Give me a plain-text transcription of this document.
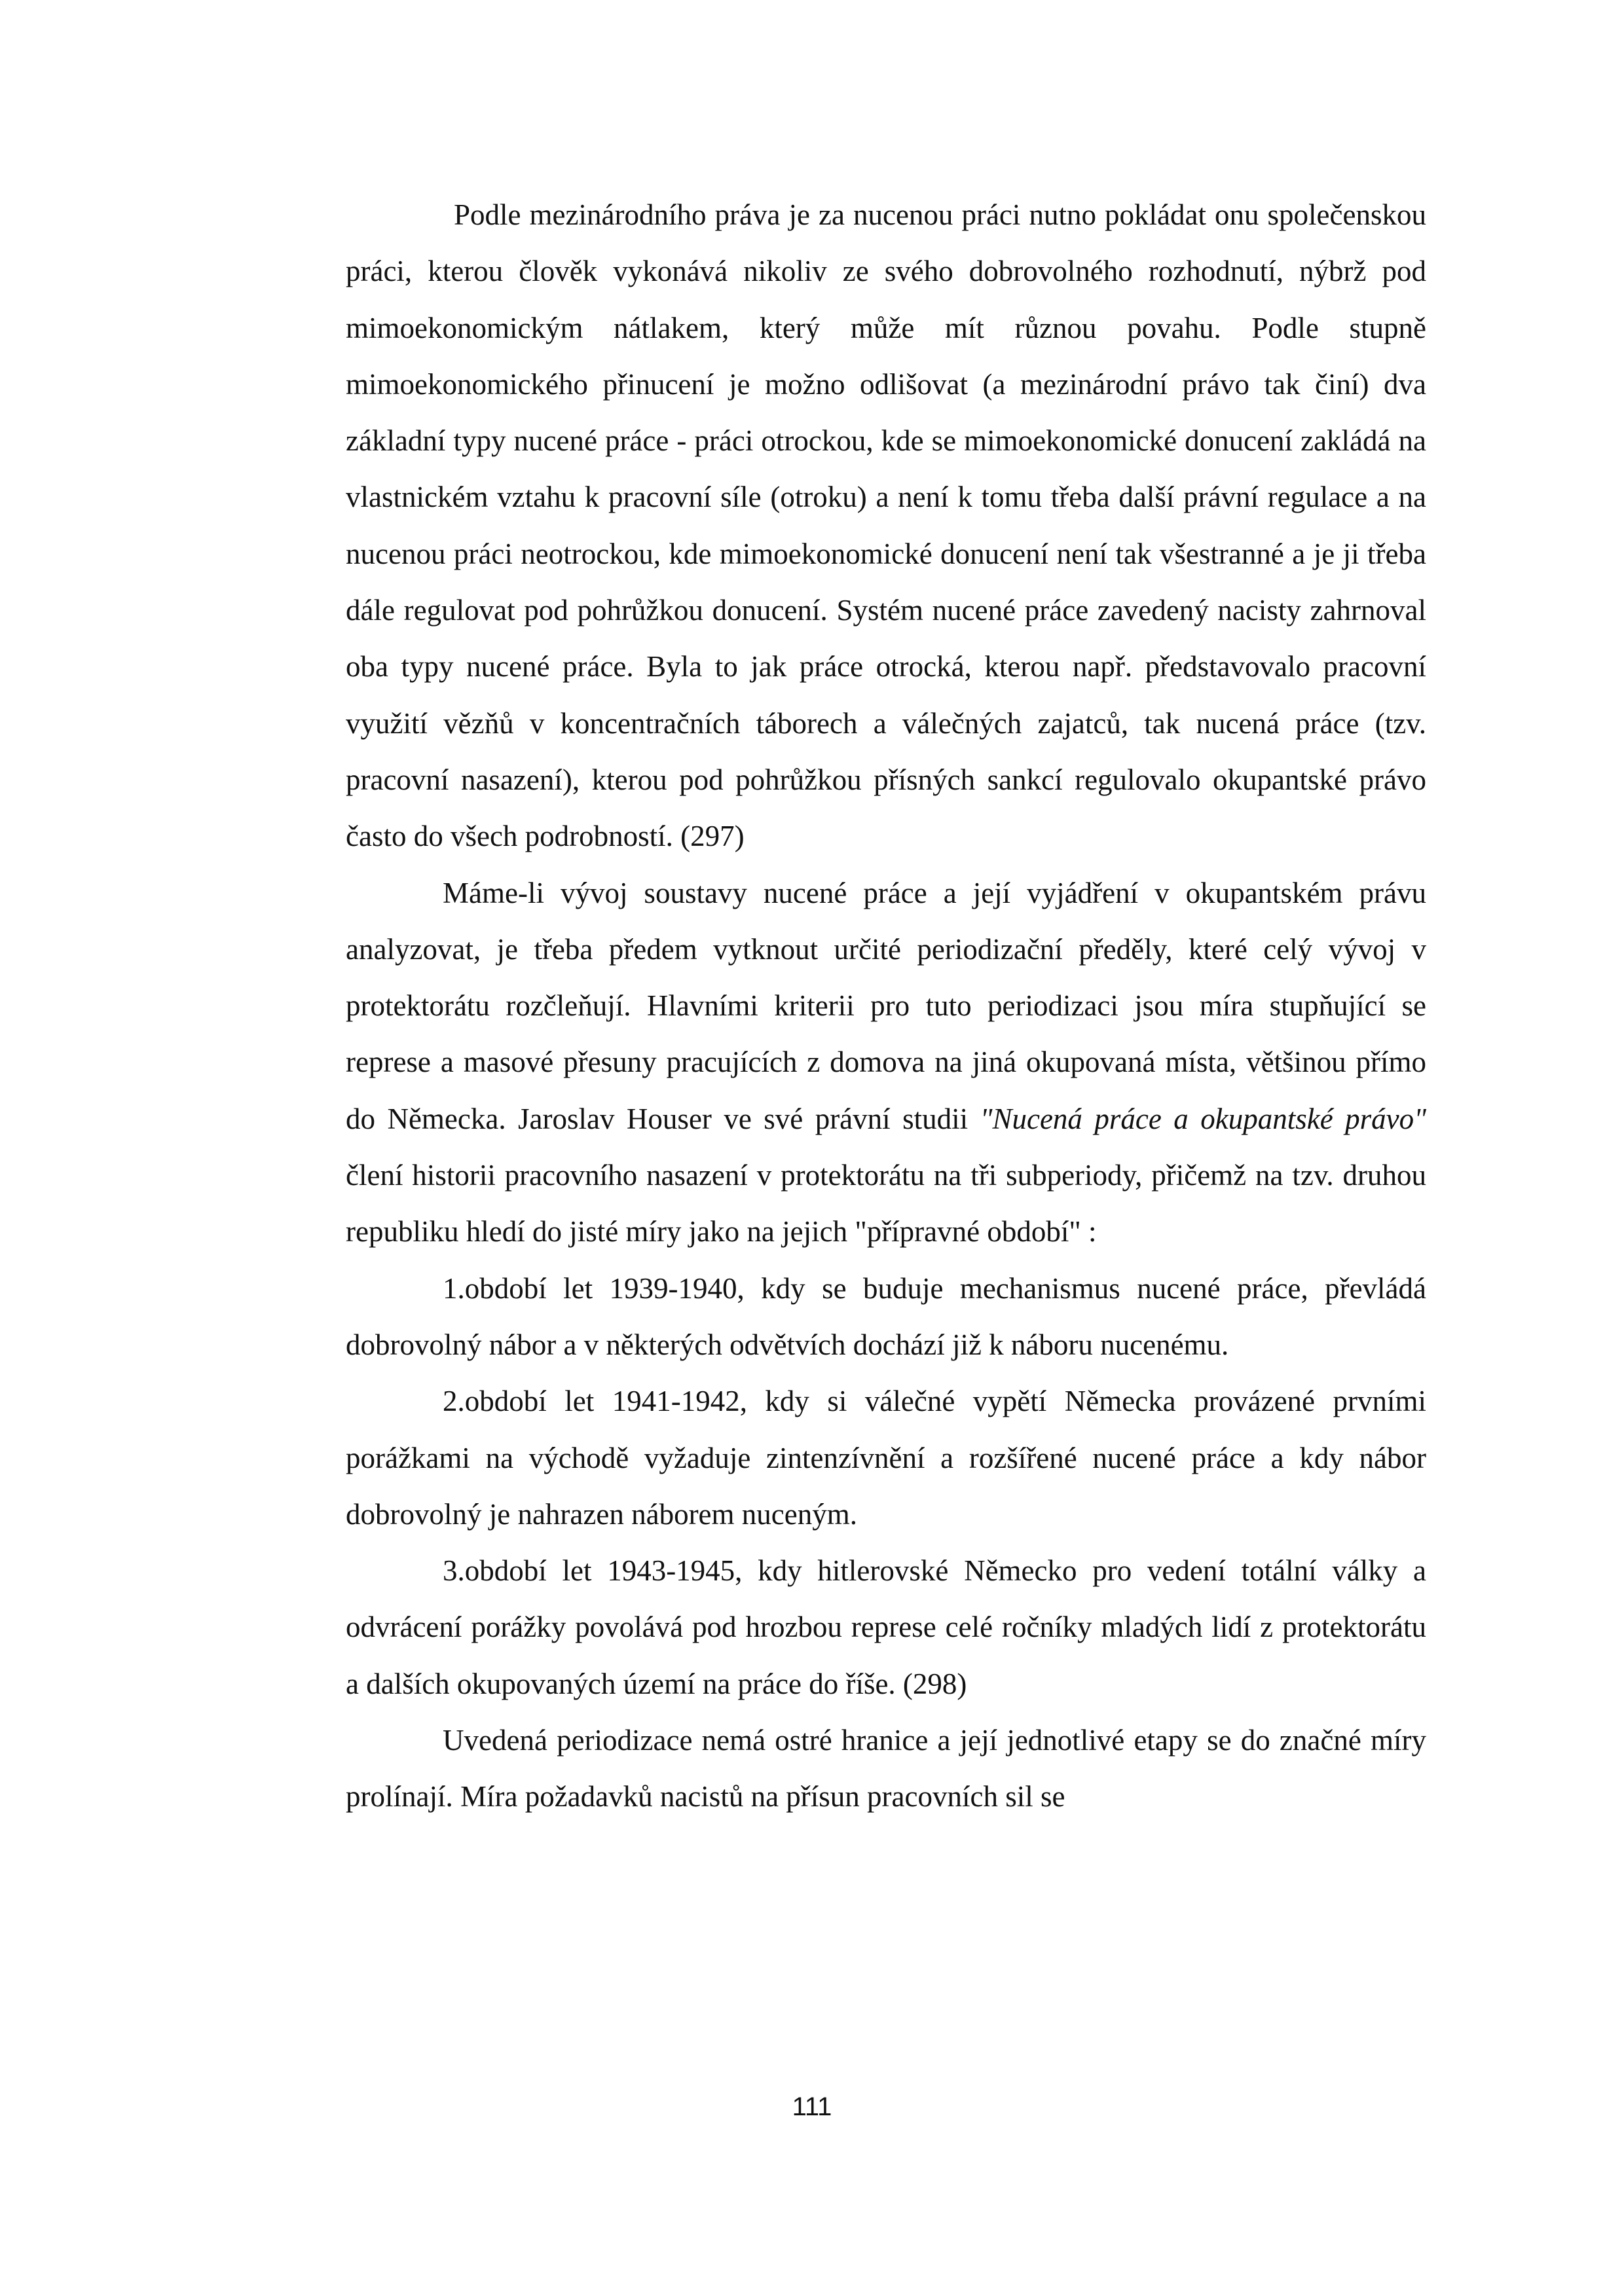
Podle mezinárodního práva je za nucenou práci nutno pokládat onu společenskou práci, kterou člověk vykonává nikoliv ze svého dobrovolného rozhodnutí, nýbrž pod mimoekonomickým nátlakem, který může mít různou povahu. Podle stupně mimoekonomického přinucení je možno odlišovat (a mezinárodní právo tak činí) dva základní typy nucené práce - práci otrockou, kde se mimoekonomické donucení zakládá na vlastnickém vztahu k pracovní síle (otroku) a není k tomu třeba další právní regulace a na nucenou práci neotrockou, kde mimoekonomické donucení není tak všestranné a je ji třeba dále regulovat pod pohrůžkou donucení. Systém nucené práce zavedený nacisty zahrnoval oba typy nucené práce. Byla to jak práce otrocká, kterou např. představovalo pracovní využití vězňů v koncentračních táborech a válečných zajatců, tak nucená práce (tzv. pracovní nasazení), kterou pod pohrůžkou přísných sankcí regulovalo okupantské právo často do všech podrobností. (297)

Máme-li vývoj soustavy nucené práce a její vyjádření v okupantském právu analyzovat, je třeba předem vytknout určité periodizační předěly, které celý vývoj v protektorátu rozčleňují. Hlavními kriterii pro tuto periodizaci jsou míra stupňující se represe a masové přesuny pracujících z domova na jiná okupovaná místa, většinou přímo do Německa. Jaroslav Houser ve své právní studii "Nucená práce a okupantské právo" člení historii pracovního nasazení v protektorátu na tři subperiody, přičemž na tzv. druhou republiku hledí do jisté míry jako na jejich "přípravné období" :

1.období let 1939-1940, kdy se buduje mechanismus nucené práce, převládá dobrovolný nábor a v některých odvětvích dochází již k náboru nucenému.

2.období let 1941-1942, kdy si válečné vypětí Německa provázené prvními porážkami na východě vyžaduje zintenzívnění a rozšířené nucené práce a kdy nábor dobrovolný je nahrazen náborem nuceným.

3.období let 1943-1945, kdy hitlerovské Německo pro vedení totální války a odvrácení porážky povolává pod hrozbou represe celé ročníky mladých lidí z protektorátu a dalších okupovaných území na práce do říše. (298)

Uvedená periodizace nemá ostré hranice a její jednotlivé etapy se do značné míry prolínají. Míra požadavků nacistů na přísun pracovních sil se

111
